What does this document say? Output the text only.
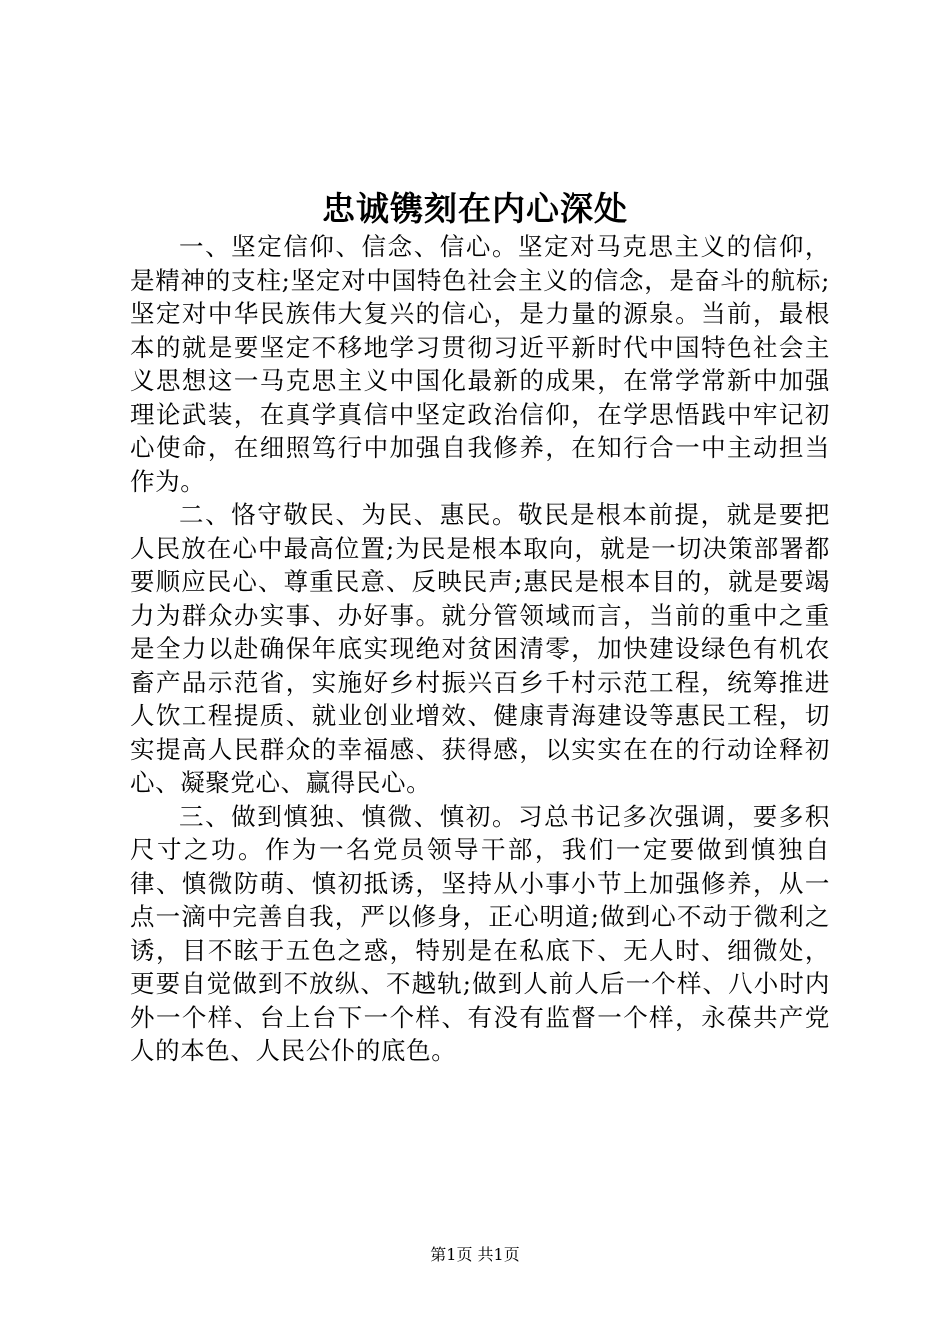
忠诚镌刻在内心深处

一、坚定信仰、信念、信心。坚定对马克思主义的信仰，是精神的支柱;坚定对中国特色社会主义的信念，是奋斗的航标;坚定对中华民族伟大复兴的信心，是力量的源泉。当前，最根本的就是要坚定不移地学习贯彻习近平新时代中国特色社会主义思想这一马克思主义中国化最新的成果，在常学常新中加强理论武装，在真学真信中坚定政治信仰，在学思悟践中牢记初心使命，在细照笃行中加强自我修养，在知行合一中主动担当作为。

二、恪守敬民、为民、惠民。敬民是根本前提，就是要把人民放在心中最高位置;为民是根本取向，就是一切决策部署都要顺应民心、尊重民意、反映民声;惠民是根本目的，就是要竭力为群众办实事、办好事。就分管领域而言，当前的重中之重是全力以赴确保年底实现绝对贫困清零，加快建设绿色有机农畜产品示范省，实施好乡村振兴百乡千村示范工程，统筹推进人饮工程提质、就业创业增效、健康青海建设等惠民工程，切实提高人民群众的幸福感、获得感，以实实在在的行动诠释初心、凝聚党心、赢得民心。

三、做到慎独、慎微、慎初。习总书记多次强调，要多积尺寸之功。作为一名党员领导干部，我们一定要做到慎独自律、慎微防萌、慎初抵诱，坚持从小事小节上加强修养，从一点一滴中完善自我，严以修身，正心明道;做到心不动于微利之诱，目不眩于五色之惑，特别是在私底下、无人时、细微处，更要自觉做到不放纵、不越轨;做到人前人后一个样、八小时内外一个样、台上台下一个样、有没有监督一个样，永葆共产党人的本色、人民公仆的底色。

第1页 共1页
